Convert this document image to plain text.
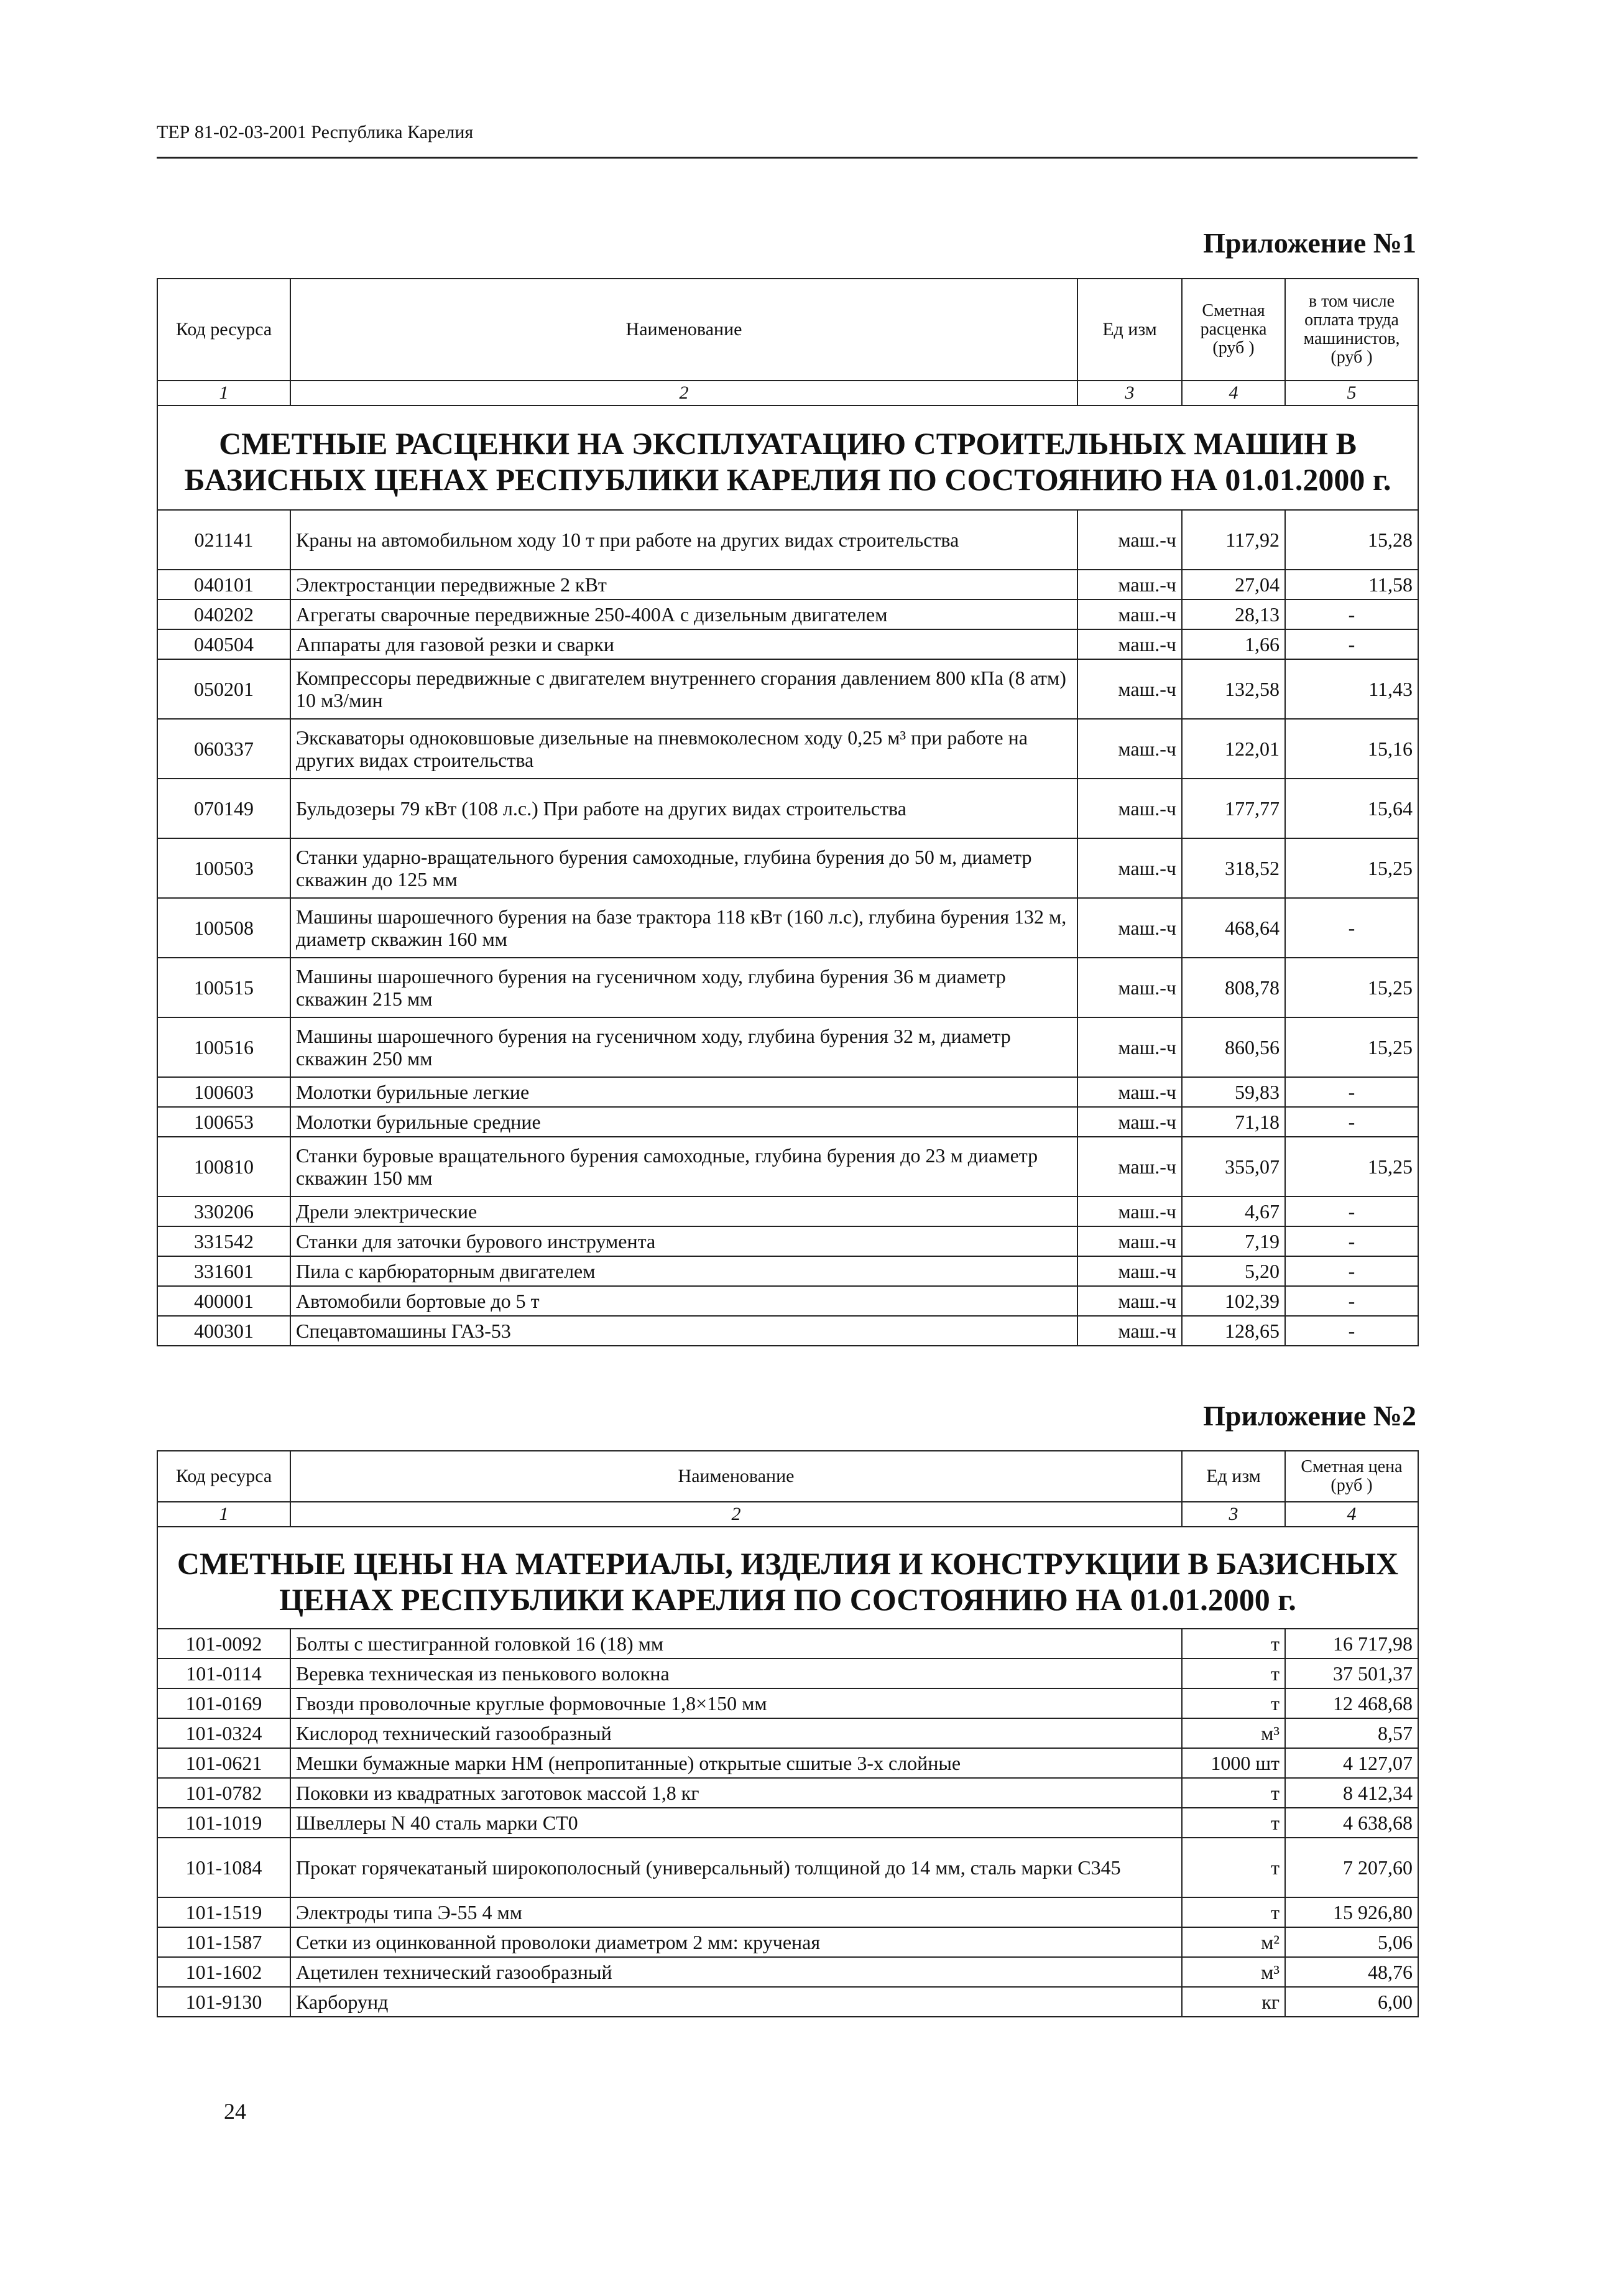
ТЕР 81-02-03-2001 Республика Карелия
Приложение №1
Код ресурса	Наименование	Ед изм	Сметная расценка (руб )	в том числе оплата труда машинистов, (руб )
1	2	3	4	5
СМЕТНЫЕ РАСЦЕНКИ НА ЭКСПЛУАТАЦИЮ СТРОИТЕЛЬНЫХ МАШИН В БАЗИСНЫХ ЦЕНАХ РЕСПУБЛИКИ КАРЕЛИЯ ПО СОСТОЯНИЮ НА 01.01.2000 г.				
021141	Краны на автомобильном ходу 10 т при работе на других видах строительства	маш.-ч	117,92	15,28
040101	Электростанции передвижные 2 кВт	маш.-ч	27,04	11,58
040202	Агрегаты сварочные передвижные 250-400А с дизельным двигателем	маш.-ч	28,13	-
040504	Аппараты для газовой резки и сварки	маш.-ч	1,66	-
050201	Компрессоры передвижные с двигателем внутреннего сгорания давлением 800 кПа (8 атм) 10 м3/мин	маш.-ч	132,58	11,43
060337	Экскаваторы одноковшовые дизельные на пневмоколесном ходу 0,25 м³ при работе на других видах строительства	маш.-ч	122,01	15,16
070149	Бульдозеры 79 кВт (108 л.с.) При работе на других видах строительства	маш.-ч	177,77	15,64
100503	Станки ударно-вращательного бурения самоходные, глубина бурения до 50 м, диаметр скважин до 125 мм	маш.-ч	318,52	15,25
100508	Машины шарошечного бурения на базе трактора 118 кВт (160 л.с), глубина бурения 132 м, диаметр скважин 160 мм	маш.-ч	468,64	-
100515	Машины шарошечного бурения на гусеничном ходу, глубина бурения 36 м диаметр скважин 215 мм	маш.-ч	808,78	15,25
100516	Машины шарошечного бурения на гусеничном ходу, глубина бурения 32 м, диаметр скважин 250 мм	маш.-ч	860,56	15,25
100603	Молотки бурильные легкие	маш.-ч	59,83	-
100653	Молотки бурильные средние	маш.-ч	71,18	-
100810	Станки буровые вращательного бурения самоходные, глубина бурения до 23 м диаметр скважин 150 мм	маш.-ч	355,07	15,25
330206	Дрели электрические	маш.-ч	4,67	-
331542	Станки для заточки бурового инструмента	маш.-ч	7,19	-
331601	Пила с карбюраторным двигателем	маш.-ч	5,20	-
400001	Автомобили бортовые до 5 т	маш.-ч	102,39	-
400301	Спецавтомашины ГАЗ-53	маш.-ч	128,65	-
Приложение №2
Код ресурса	Наименование	Ед изм	Сметная цена (руб )
1	2	3	4
СМЕТНЫЕ ЦЕНЫ НА МАТЕРИАЛЫ, ИЗДЕЛИЯ И КОНСТРУКЦИИ В БАЗИСНЫХ ЦЕНАХ РЕСПУБЛИКИ КАРЕЛИЯ ПО СОСТОЯНИЮ НА 01.01.2000 г.			
101-0092	Болты с шестигранной головкой 16 (18) мм	т	16 717,98
101-0114	Веревка техническая из пенькового волокна	т	37 501,37
101-0169	Гвозди проволочные круглые формовочные 1,8×150 мм	т	12 468,68
101-0324	Кислород технический газообразный	м³	8,57
101-0621	Мешки бумажные марки НМ (непропитанные) открытые сшитые 3-х слойные	1000 шт	4 127,07
101-0782	Поковки из квадратных заготовок массой 1,8 кг	т	8 412,34
101-1019	Швеллеры N 40 сталь марки СТ0	т	4 638,68
101-1084	Прокат горячекатаный широкополосный (универсальный) толщиной до 14 мм, сталь марки С345	т	7 207,60
101-1519	Электроды типа Э-55 4 мм	т	15 926,80
101-1587	Сетки из оцинкованной проволоки диаметром 2 мм: крученая	м²	5,06
101-1602	Ацетилен технический газообразный	м³	48,76
101-9130	Карборунд	кг	6,00
24
